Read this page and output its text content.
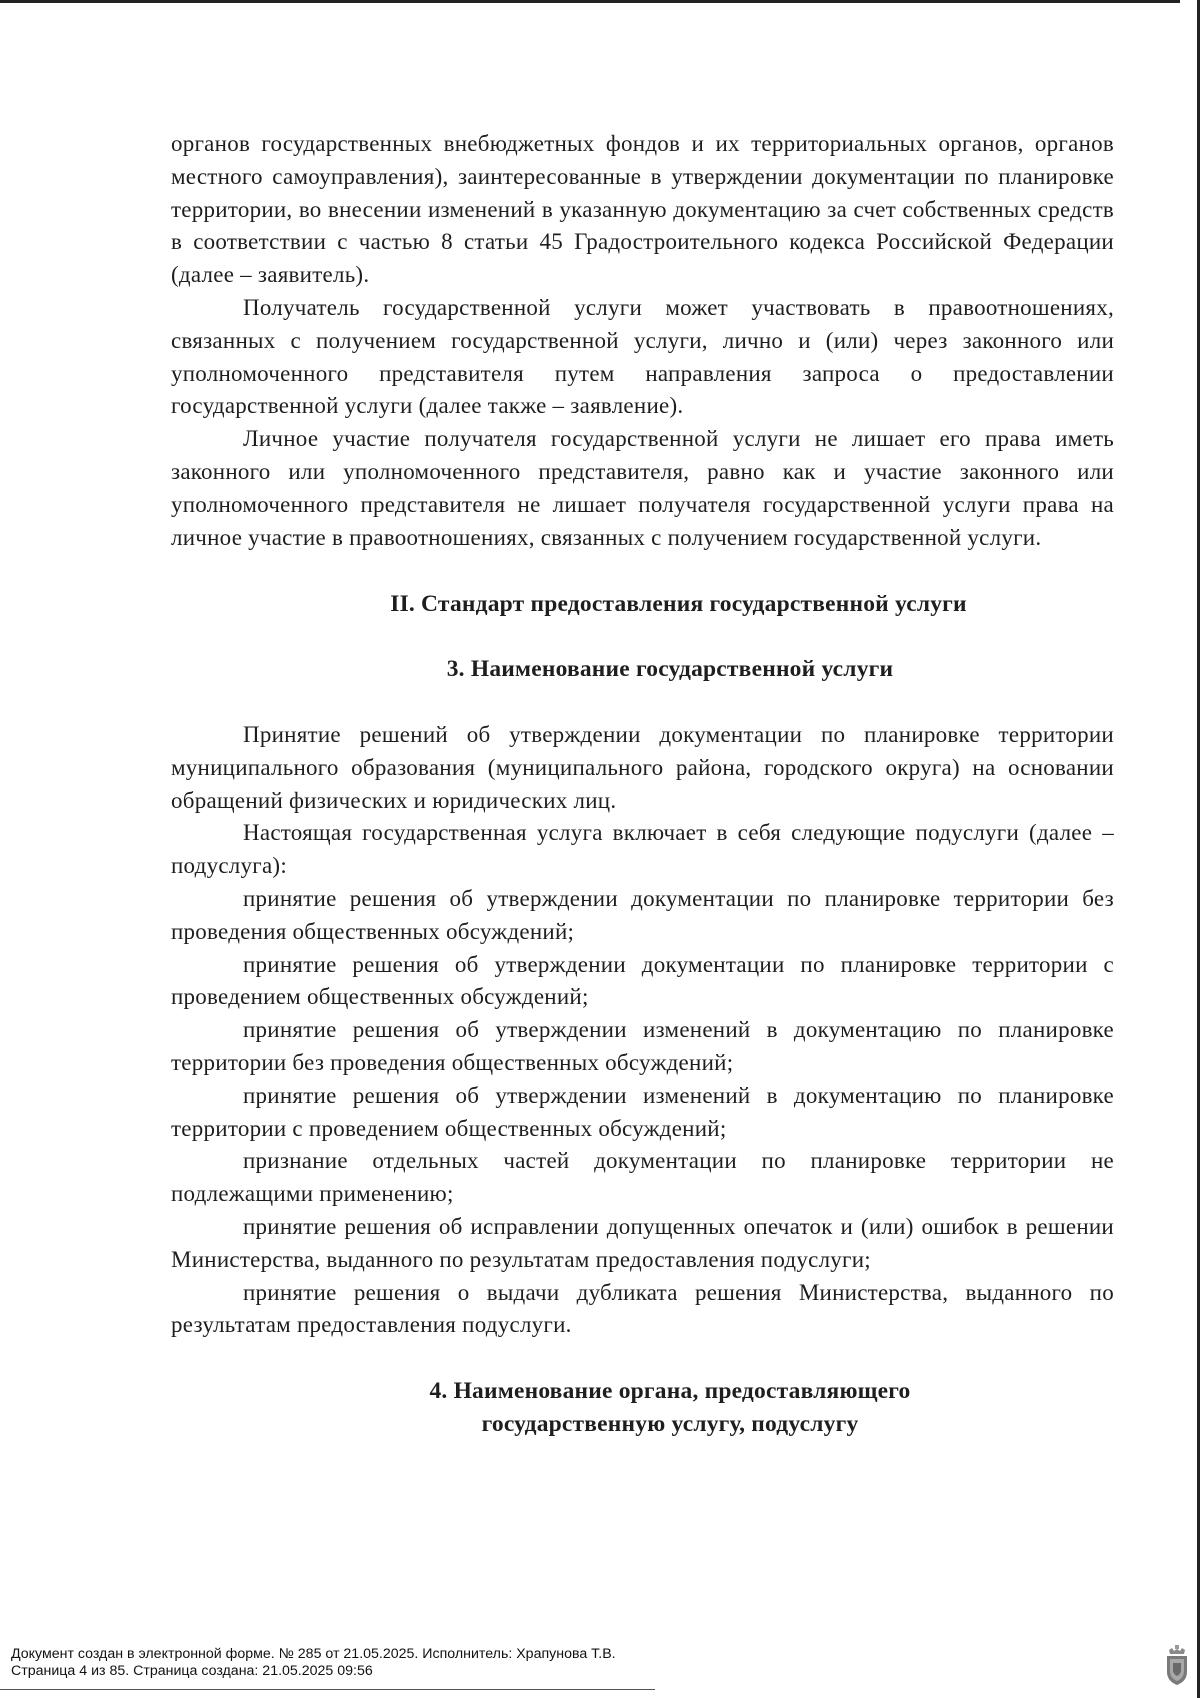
органов государственных внебюджетных фондов и их территориальных органов, органов местного самоуправления), заинтересованные в утверждении документации по планировке территории, во внесении изменений в указанную документацию за счет собственных средств в соответствии с частью 8 статьи 45 Градостроительного кодекса Российской Федерации (далее – заявитель).

Получатель государственной услуги может участвовать в правоотношениях, связанных с получением государственной услуги, лично и (или) через законного или уполномоченного представителя путем направления запроса о предоставлении государственной услуги (далее также – заявление).

Личное участие получателя государственной услуги не лишает его права иметь законного или уполномоченного представителя, равно как и участие законного или уполномоченного представителя не лишает получателя государственной услуги права на личное участие в правоотношениях, связанных с получением государственной услуги.

II. Стандарт предоставления государственной услуги
3. Наименование государственной услуги

Принятие решений об утверждении документации по планировке территории муниципального образования (муниципального района, городского округа) на основании обращений физических и юридических лиц.

Настоящая государственная услуга включает в себя следующие подуслуги (далее – подуслуга):

принятие решения об утверждении документации по планировке территории без проведения общественных обсуждений;

принятие решения об утверждении документации по планировке территории с проведением общественных обсуждений;

принятие решения об утверждении изменений в документацию по планировке территории без проведения общественных обсуждений;

принятие решения об утверждении изменений в документацию по планировке территории с проведением общественных обсуждений;

признание отдельных частей документации по планировке территории не подлежащими применению;

принятие решения об исправлении допущенных опечаток и (или) ошибок в решении Министерства, выданного по результатам предоставления подуслуги;

принятие решения о выдачи дубликата решения Министерства, выданного по результатам предоставления подуслуги.

4. Наименование органа, предоставляющего
государственную услугу, подуслугу
Документ создан в электронной форме. № 285 от 21.05.2025. Исполнитель: Храпунова Т.В.
Страница 4 из 85. Страница создана: 21.05.2025 09:56
